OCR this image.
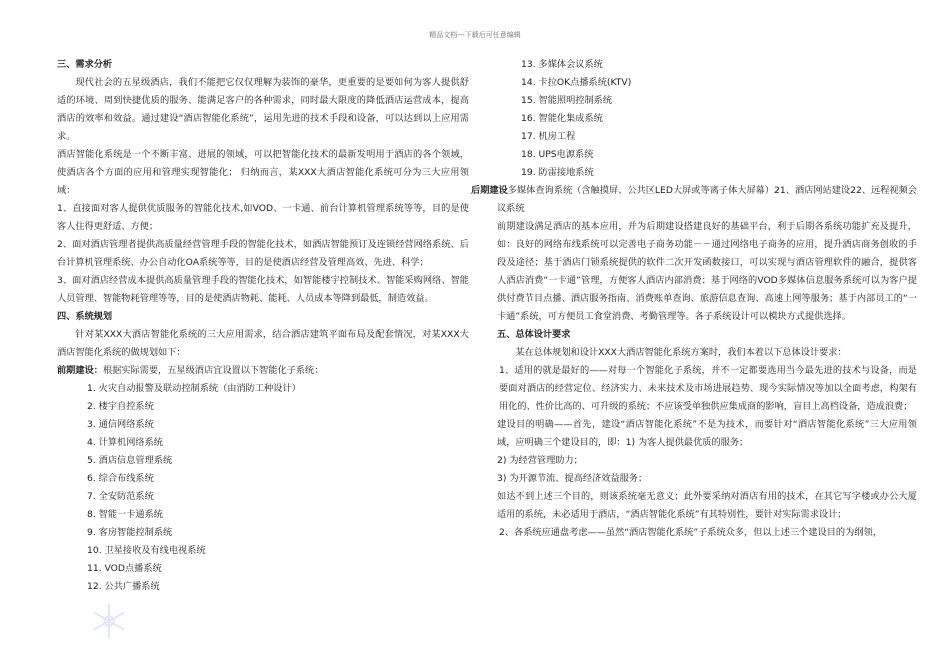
精品文档---下载后可任意编辑

三、需求分析

现代社会的五星级酒店，我们不能把它仅仅理解为装饰的豪华，更重要的是要如何为客人提供舒适的环境、周到快捷优质的服务、能满足客户的各种需求，同时最大限度的降低酒店运营成本，提高酒店的效率和效益。通过建设“酒店智能化系统”，运用先进的技术手段和设备，可以达到以上应用需求。

酒店智能化系统是一个不断丰富、进展的领域，可以把智能化技术的最新发明用于酒店的各个领域，使酒店各个方面的应用和管理实现智能化； 归纳而言，某XXX大酒店智能化系统可分为三大应用领域：

1、直接面对客人提供优质服务的智能化技术,如VOD、一卡通、前台计算机管理系统等等，目的是使客人住得更舒适、方便；

2、面对酒店管理者提供高质量经营管理手段的智能化技术，如酒店智能预订及连锁经营网络系统、后台计算机管理系统、办公自动化OA系统等等，目的是使酒店经营及管理高效、先进、科学；

3、面对酒店经营成本提供高质量管理手段的智能化技术，如智能楼宇控制技术、智能采购网络、智能人员管理、智能物耗管理等等，目的是使酒店物耗、能耗、人员成本等降到最低，制造效益。

四、系统规划

针对某XXX大酒店智能化系统的三大应用需求，结合酒店建筑平面布局及配套情况，对某XXX大酒店智能化系统的做规划如下：

前期建设：根据实际需要，五星级酒店宜设置以下智能化子系统：

1. 火灾自动报警及联动控制系统（由消防工种设计）

2. 楼宇自控系统

3. 通信网络系统

4. 计算机网络系统

5. 酒店信息管理系统

6. 综合布线系统

7. 全安防范系统

8. 智能一卡通系统

9. 客房智能控制系统

10. 卫星接收及有线电视系统

11. VOD点播系统

12. 公共广播系统

13. 多媒体会议系统

14. 卡拉OK点播系统(KTV)

15. 智能照明控制系统

16. 智能化集成系统

17. 机房工程

18. UPS电源系统

19. 防雷接地系统

后期建设多媒体查询系统（含触摸屏、公共区LED大屏或等离子体大屏幕）21、酒店网站建设22、远程视频会议系统

前期建设满足酒店的基本应用，并为后期建设搭建良好的基础平台，利于后期各系统功能扩充及提升，如：良好的网络布线系统可以完善电子商务功能－－通过网络电子商务的应用，提升酒店商务创收的手段及途径；基于酒店门锁系统提供的软件二次开发函数接口，可以实现与酒店管理软件的融合，提供客人酒店消费“一卡通”管理，方便客人酒店内部消费；基于网络的VOD多媒体信息服务系统可以为客户提供付费节目点播、酒店服务指南、消费账单查询、旅游信息查询、高速上网等服务；基于内部员工的“一卡通”系统，可方便员工食堂消费、考勤管理等。各子系统设计可以模块方式提供选择。

五、总体设计要求

某在总体规划和设计XXX大酒店智能化系统方案时，我们本着以下总体设计要求：

1、适用的就是最好的——对每一个智能化子系统，并不一定都要选用当今最先进的技术与设备，而是要面对酒店的经营定位、经济实力、未来技术及市场进展趋势、现今实际情况等加以全面考虑，构架有用化的、性价比高的、可升级的系统；不应该受单独供应集成商的影响，盲目上高档设备，造成浪费；

建设目的明确——首先，建设“酒店智能化系统”不是为技术，而要针对“酒店智能化系统”三大应用领域，应明确三个建设目的，即：1) 为客人提供最优质的服务；

2) 为经营管理助力；

3) 为开源节流、提高经济效益服务；

如达不到上述三个目的，则该系统毫无意义；此外要采纳对酒店有用的技术，在其它写字楼或办公大厦适用的系统，未必适用于酒店，“酒店智能化系统”有其特别性，要针对实际需求设计；

2、各系统应通盘考虑——虽然“酒店智能化系统”子系统众多，但以上述三个建设目的为纲领，
